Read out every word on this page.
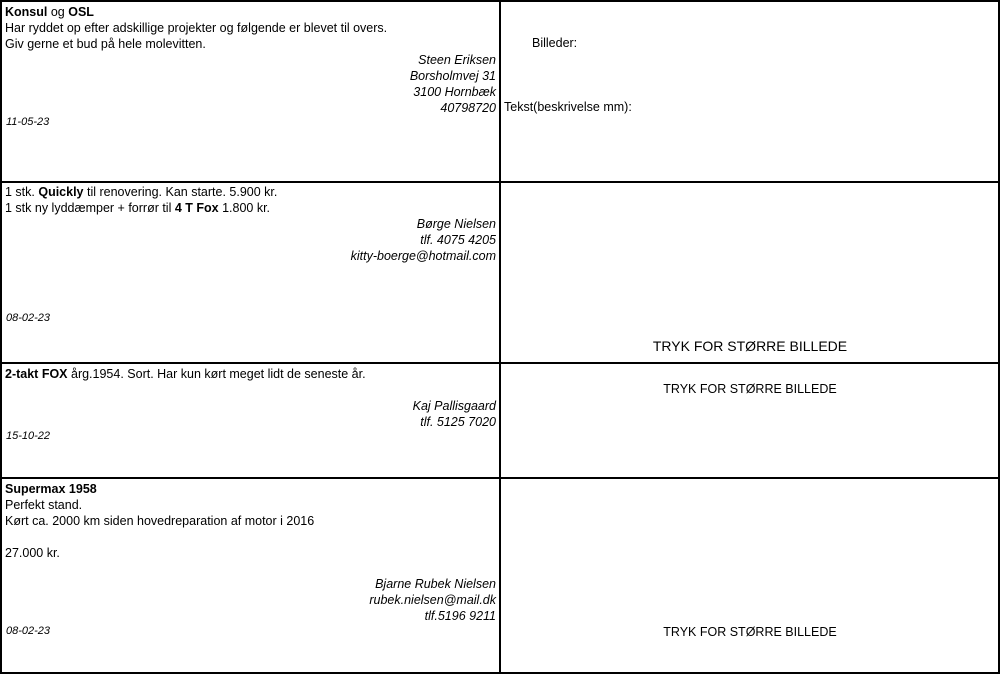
Konsul og OSL
Har ryddet op efter adskillige projekter og følgende er blevet til overs.
Giv gerne et bud på hele molevitten.
Steen Eriksen
Borsholmvej 31
3100 Hornbæk
40798720
11-05-23
Billeder:
Tekst(beskrivelse mm):
1 stk. Quickly til renovering. Kan starte. 5.900 kr.
1 stk ny lyddæmper + forrør til 4 T Fox 1.800 kr.
Børge Nielsen
tlf. 4075 4205
kitty-boerge@hotmail.com
08-02-23
TRYK FOR STØRRE BILLEDE
2-takt FOX årg.1954. Sort. Har kun kørt meget lidt de seneste år.
Kaj Pallisgaard
tlf. 5125 7020
15-10-22
TRYK FOR STØRRE BILLEDE
Supermax 1958
Perfekt stand.
Kørt ca. 2000 km siden hovedreparation af motor i 2016
27.000 kr.
Bjarne Rubek Nielsen
rubek.nielsen@mail.dk
tlf.5196 9211
08-02-23	TRYK FOR STØRRE BILLEDE
